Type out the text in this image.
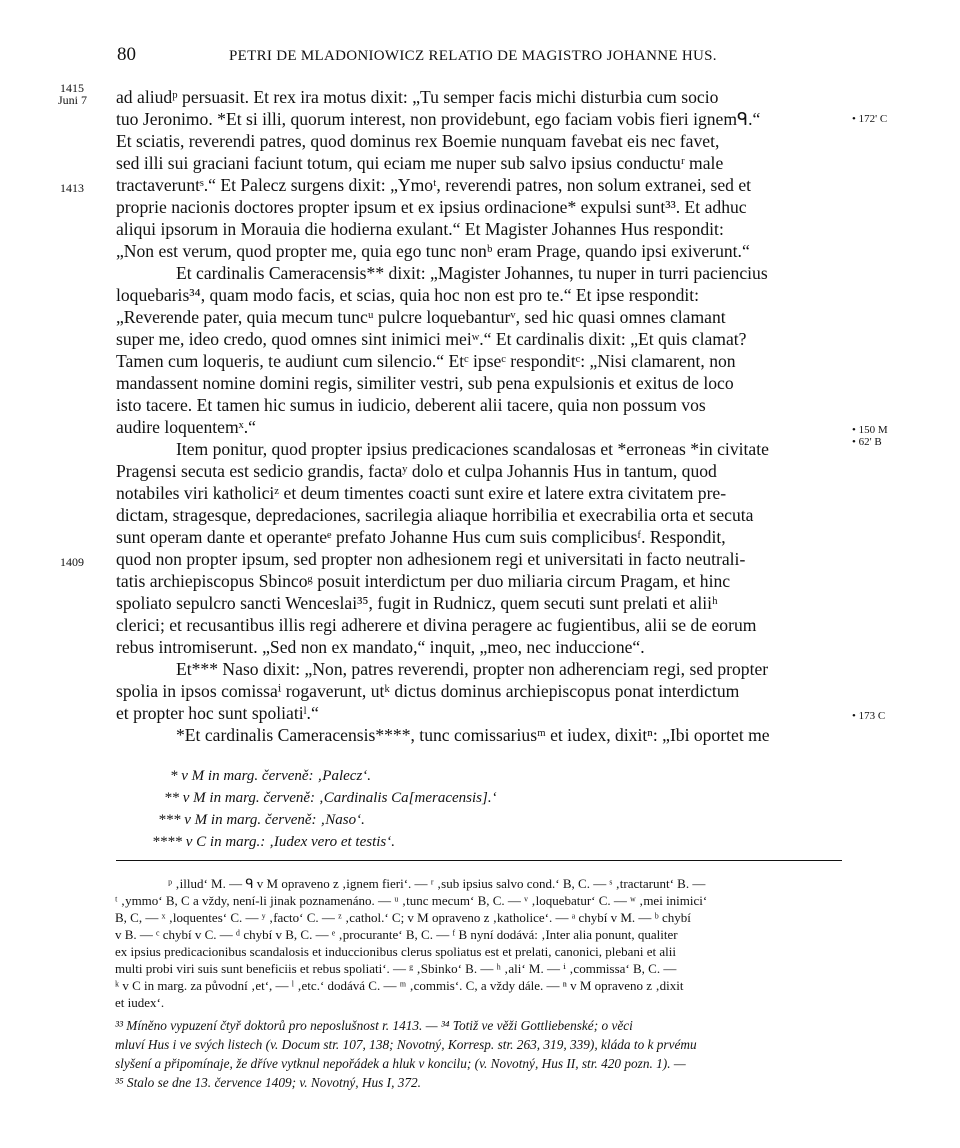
80	PETRI DE MLADONIOWICZ RELATIO DE MAGISTRO JOHANNE HUS.
1415
Juni 7
1413
1409
• 172' C
• 150 M
• 62' B
• 173 C
ad aliudᵖ persuasit. Et rex ira motus dixit: „Tu semper facis michi disturbia cum socio
tuo Jeronimo. *Et si illi, quorum interest, non providebunt, ego faciam vobis fieri ignemᑫ.“
Et sciatis, reverendi patres, quod dominus rex Boemie nunquam favebat eis nec favet,
sed illi sui graciani faciunt totum, qui eciam me nuper sub salvo ipsius conductuʳ male
tractaveruntˢ.“ Et Palecz surgens dixit: „Ymoᵗ, reverendi patres, non solum extranei, sed et
proprie nacionis doctores propter ipsum et ex ipsius ordinacione* expulsi sunt³³. Et adhuc
aliqui ipsorum in Morauia die hodierna exulant.“ Et Magister Johannes Hus respondit:
„Non est verum, quod propter me, quia ego tunc nonᵇ eram Prage, quando ipsi exiverunt.“
Et cardinalis Cameracensis** dixit: „Magister Johannes, tu nuper in turri paciencius
loquebaris³⁴, quam modo facis, et scias, quia hoc non est pro te.“ Et ipse respondit:
„Reverende pater, quia mecum tuncᵘ pulcre loquebanturᵛ, sed hic quasi omnes clamant
super me, ideo credo, quod omnes sint inimici meiʷ.“ Et cardinalis dixit: „Et quis clamat?
Tamen cum loqueris, te audiunt cum silencio.“ Etᶜ ipseᶜ responditᶜ: „Nisi clamarent, non
mandassent nomine domini regis, similiter vestri, sub pena expulsionis et exitus de loco
isto tacere. Et tamen hic sumus in iudicio, deberent alii tacere, quia non possum vos
audire loquentemˣ.“
Item ponitur, quod propter ipsius predicaciones scandalosas et *erroneas *in civitate
Pragensi secuta est sedicio grandis, factaʸ dolo et culpa Johannis Hus in tantum, quod
notabiles viri katholiciᶻ et deum timentes coacti sunt exire et latere extra civitatem pre-
dictam, stragesque, depredaciones, sacrilegia aliaque horribilia et execrabilia orta et secuta
sunt operam dante et operanteᵉ prefato Johanne Hus cum suis complicibusᶠ. Respondit,
quod non propter ipsum, sed propter non adhesionem regi et universitati in facto neutrali-
tatis archiepiscopus Sbincoᵍ posuit interdictum per duo miliaria circum Pragam, et hinc
spoliato sepulcro sancti Wenceslai³⁵, fugit in Rudnicz, quem secuti sunt prelati et aliiʰ
clerici; et recusantibus illis regi adherere et divina peragere ac fugientibus, alii se de eorum
rebus intromiserunt. „Sed non ex mandato,“ inquit, „meo, nec induccione“.
Et*** Naso dixit: „Non, patres reverendi, propter non adherenciam regi, sed propter
spolia in ipsos comissaⁱ rogaverunt, utᵏ dictus dominus archiepiscopus ponat interdictum
et propter hoc sunt spoliatiˡ.“
*Et cardinalis Cameracensis****, tunc comissariusᵐ et iudex, dixitⁿ: „Ibi oportet me
* v M in marg. červeně: ‚Palecz‘.
** v M in marg. červeně: ‚Cardinalis Ca[meracensis].‘
*** v M in marg. červeně: ‚Naso‘.
**** v C in marg.: ‚Iudex vero et testis‘.
ᵖ ‚illud‘ M. — ᑫ v M opraveno z ‚ignem fieri‘. — ʳ ‚sub ipsius salvo cond.‘ B, C. — ˢ ‚tractarunt‘ B. —
ᵗ ‚ymmo‘ B, C a vždy, není-li jinak poznamenáno. — ᵘ ‚tunc mecum‘ B, C. — ᵛ ‚loquebatur‘ C. — ʷ ‚mei inimici‘
B, C, — ˣ ‚loquentes‘ C. — ʸ ‚facto‘ C. — ᶻ ‚cathol.‘ C; v M opraveno z ‚katholice‘. — ᵃ chybí v M. — ᵇ chybí
v B. — ᶜ chybí v C. — ᵈ chybí v B, C. — ᵉ ‚procurante‘ B, C. — ᶠ B nyní dodává: ‚Inter alia ponunt, qualiter
ex ipsius predicacionibus scandalosis et induccionibus clerus spoliatus est et prelati, canonici, plebani et alii
multi probi viri suis sunt beneficiis et rebus spoliati‘. — ᵍ ‚Sbinko‘ B. — ʰ ‚ali‘ M. — ⁱ ‚commissa‘ B, C. —
ᵏ v C in marg. za původní ‚et‘, — ˡ ‚etc.‘ dodává C. — ᵐ ‚commis‘. C, a vždy dále. — ⁿ v M opraveno z ‚dixit
et iudex‘.
³³ Míněno vypuzení čtyř doktorů pro neposlušnost r. 1413. — ³⁴ Totiž ve věži Gottliebenské; o věci
mluví Hus i ve svých listech (v. Docum str. 107, 138; Novotný, Korresp. str. 263, 319, 339), kláda to k prvému
slyšení a připomínaje, že dříve vytknul nepořádek a hluk v koncilu; (v. Novotný, Hus II, str. 420 pozn. 1). —
³⁵ Stalo se dne 13. července 1409; v. Novotný, Hus I, 372.
